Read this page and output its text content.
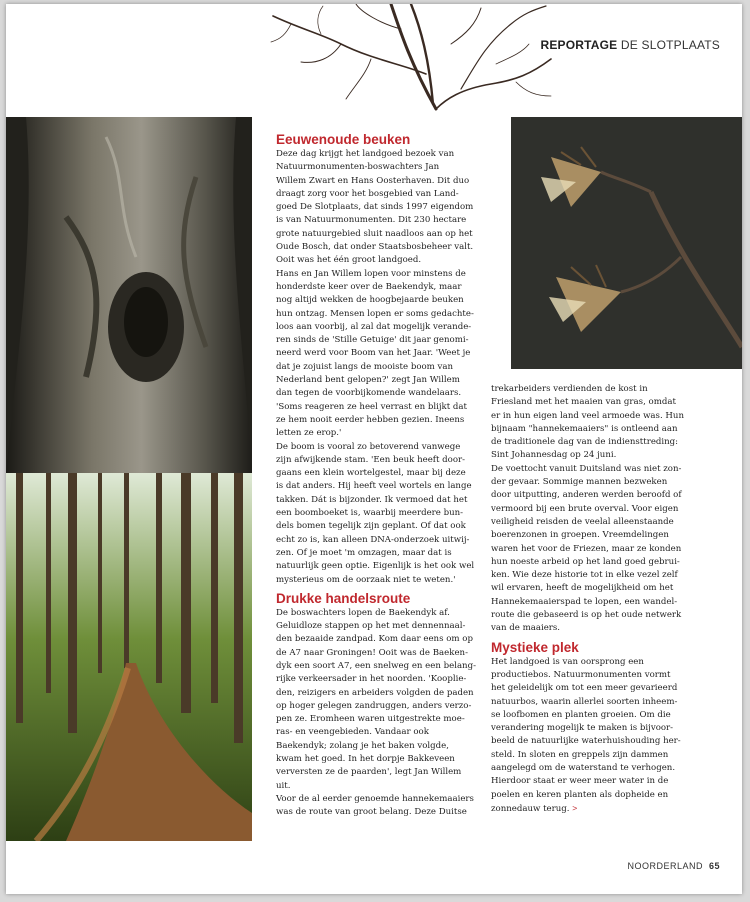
REPORTAGE DE SLOTPLAATS
Eeuwenoude beuken

Deze dag krijgt het landgoed bezoek van
Natuurmonumenten-boswachters Jan
Willem Zwart en Hans Oosterhaven. Dit duo
draagt zorg voor het bosgebied van Land-
goed De Slotplaats, dat sinds 1997 eigendom
is van Natuurmonumenten. Dit 230 hectare
grote natuurgebied sluit naadloos aan op het
Oude Bosch, dat onder Staatsbosbeheer valt.
Ooit was het één groot landgoed.

Hans en Jan Willem lopen voor minstens de
honderdste keer over de Baekendyk, maar
nog altijd wekken de hoogbejaarde beuken
hun ontzag. Mensen lopen er soms gedachte-
loos aan voorbij, al zal dat mogelijk verande-
ren sinds de 'Stille Getuige' dit jaar genomi-
neerd werd voor Boom van het Jaar. 'Weet je
dat je zojuist langs de mooiste boom van
Nederland bent gelopen?' zegt Jan Willem
dan tegen de voorbijkomende wandelaars.
'Soms reageren ze heel verrast en blijkt dat
ze hem nooit eerder hebben gezien. Ineens
letten ze erop.'

De boom is vooral zo betoverend vanwege
zijn afwijkende stam. 'Een beuk heeft door-
gaans een klein wortelgestel, maar bij deze
is dat anders. Hij heeft veel wortels en lange
takken. Dát is bijzonder. Ik vermoed dat het
een boomboeket is, waarbij meerdere bun-
dels bomen tegelijk zijn geplant. Of dat ook
echt zo is, kan alleen DNA-onderzoek uitwij-
zen. Of je moet 'm omzagen, maar dat is
natuurlijk geen optie. Eigenlijk is het ook wel
mysterieus om de oorzaak niet te weten.'

Drukke handelsroute

De boswachters lopen de Baekendyk af.
Geluidloze stappen op het met dennennaal-
den bezaaide zandpad. Kom daar eens om op
de A7 naar Groningen! Ooit was de Baeken-
dyk een soort A7, een snelweg en een belang-
rijke verkeersader in het noorden. 'Kooplie-
den, reizigers en arbeiders volgden de paden
op hoger gelegen zandruggen, anders verzo-
pen ze. Eromheen waren uitgestrekte moe-
ras- en veengebieden. Vandaar ook
Baekendyk; zolang je het baken volgde,
kwam het goed. In het dorpje Bakkeveen
verversten ze de paarden', legt Jan Willem
uit.

Voor de al eerder genoemde hannekemaaiers
was de route van groot belang. Deze Duitse

trekarbeiders verdienden de kost in
Friesland met het maaien van gras, omdat
er in hun eigen land veel armoede was. Hun
bijnaam "hannekemaaiers" is ontleend aan
de traditionele dag van de indiensttreding:
Sint Johannesdag op 24 juni.

De voettocht vanuit Duitsland was niet zon-
der gevaar. Sommige mannen bezweken
door uitputting, anderen werden beroofd of
vermoord bij een brute overval. Voor eigen
veiligheid reisden de veelal alleenstaande
boerenzonen in groepen. Vreemdelingen
waren het voor de Friezen, maar ze konden
hun noeste arbeid op het land goed gebrui-
ken. Wie deze historie tot in elke vezel zelf
wil ervaren, heeft de mogelijkheid om het
Hannekemaaierspad te lopen, een wandel-
route die gebaseerd is op het oude netwerk
van de maaiers.

Mystieke plek

Het landgoed is van oorsprong een
productiebos. Natuurmonumenten vormt
het geleidelijk om tot een meer gevarieerd
natuurbos, waarin allerlei soorten inheem-
se loofbomen en planten groeien. Om die
verandering mogelijk te maken is bijvoor-
beeld de natuurlijke waterhuishouding her-
steld. In sloten en greppels zijn dammen
aangelegd om de waterstand te verhogen.
Hierdoor staat er weer meer water in de
poelen en keren planten als dopheide en
zonnedauw terug. >

NOORDERLAND 65
